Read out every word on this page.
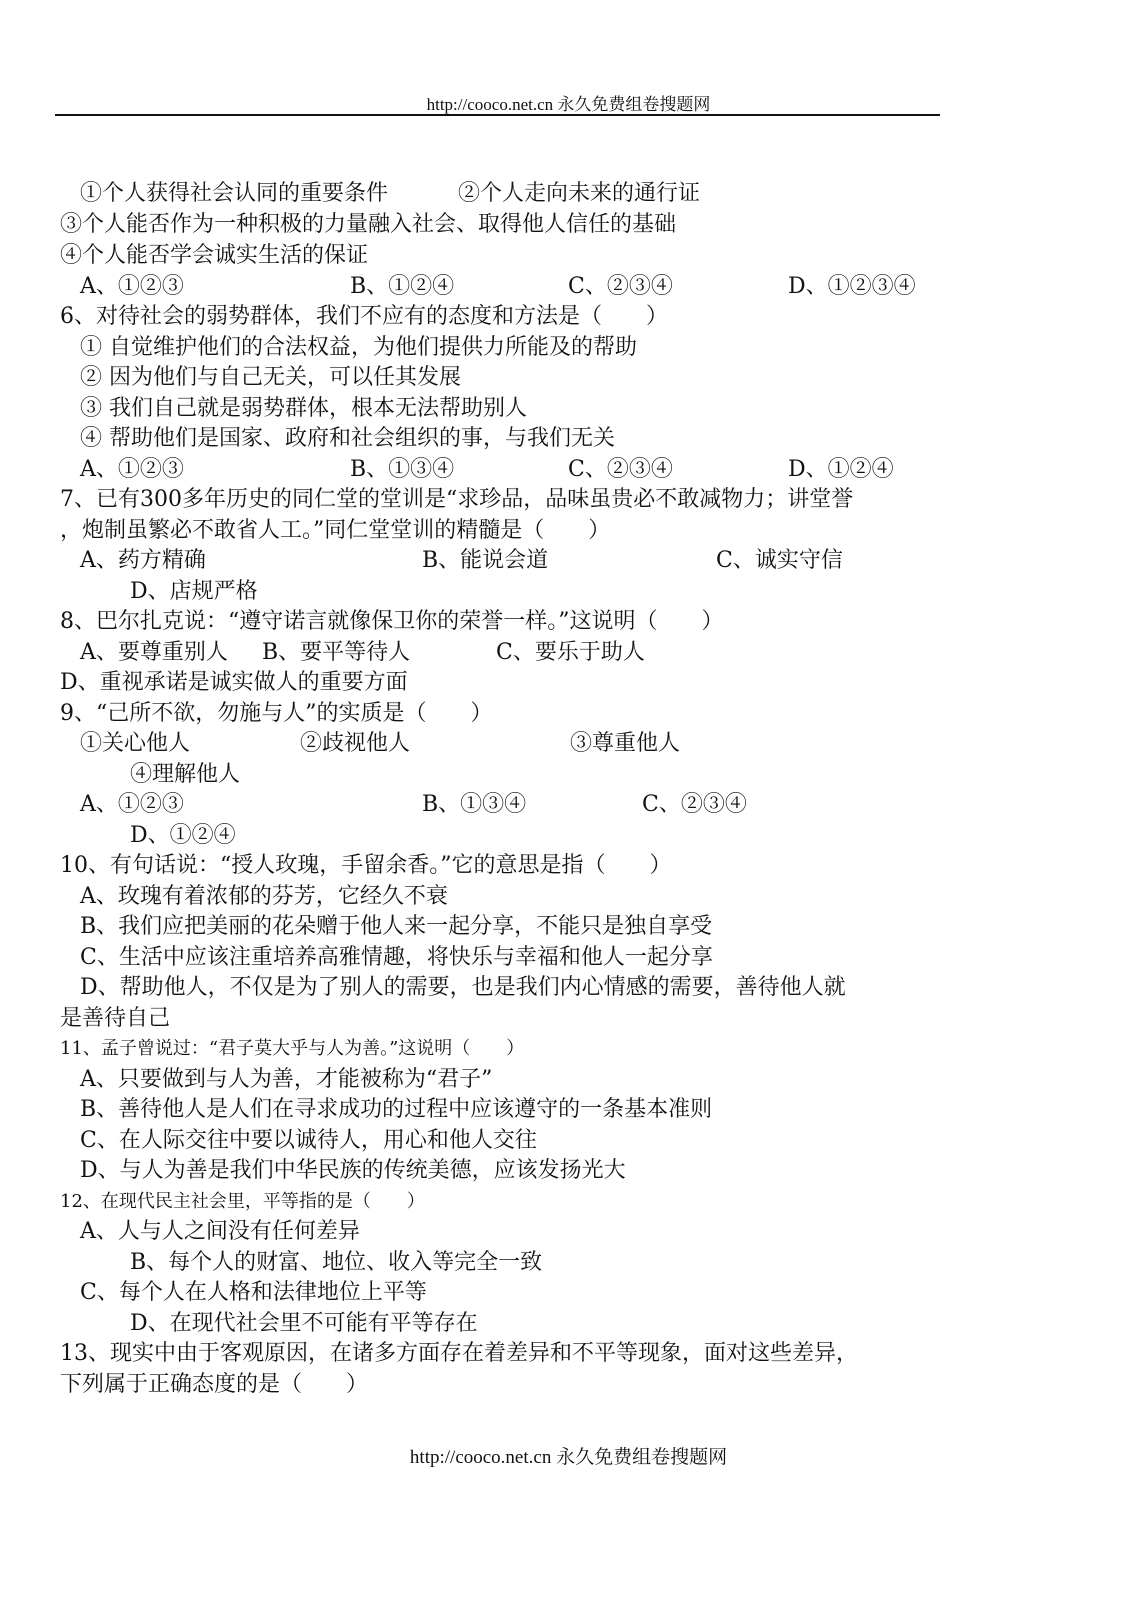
http://cooco.net.cn 永久免费组卷搜题网
①个人获得社会认同的重要条件	②个人走向未来的通行证
③个人能否作为一种积极的力量融入社会、取得他人信任的基础
④个人能否学会诚实生活的保证
A、①②③	B、①②④	C、②③④	D、①②③④
6、对待社会的弱势群体，我们不应有的态度和方法是（　　）
① 自觉维护他们的合法权益，为他们提供力所能及的帮助
② 因为他们与自己无关，可以任其发展
③ 我们自己就是弱势群体，根本无法帮助别人
④ 帮助他们是国家、政府和社会组织的事，与我们无关
A、①②③	B、①③④	C、②③④	D、①②④
7、已有300多年历史的同仁堂的堂训是“求珍品，品味虽贵必不敢减物力；讲堂誉
，炮制虽繁必不敢省人工。”同仁堂堂训的精髓是（　　）
A、药方精确	B、能说会道	C、诚实守信
D、店规严格
8、巴尔扎克说：“遵守诺言就像保卫你的荣誉一样。”这说明（　　）
A、要尊重别人 B、要平等待人	C、要乐于助人
D、重视承诺是诚实做人的重要方面
9、“己所不欲，勿施与人”的实质是（　　）
①关心他人	②歧视他人	③尊重他人
④理解他人
A、①②③	B、①③④	C、②③④
D、①②④
10、有句话说：“授人玫瑰，手留余香。”它的意思是指（　　）
A、玫瑰有着浓郁的芬芳，它经久不衰
B、我们应把美丽的花朵赠于他人来一起分享，不能只是独自享受
C、生活中应该注重培养高雅情趣，将快乐与幸福和他人一起分享
D、帮助他人，不仅是为了别人的需要，也是我们内心情感的需要，善待他人就
是善待自己
11、孟子曾说过：“君子莫大乎与人为善。”这说明（　　）
A、只要做到与人为善，才能被称为“君子”
B、善待他人是人们在寻求成功的过程中应该遵守的一条基本准则
C、在人际交往中要以诚待人，用心和他人交往
D、与人为善是我们中华民族的传统美德，应该发扬光大
12、在现代民主社会里，平等指的是（　　）
A、人与人之间没有任何差异
B、每个人的财富、地位、收入等完全一致
C、每个人在人格和法律地位上平等
D、在现代社会里不可能有平等存在
13、现实中由于客观原因，在诸多方面存在着差异和不平等现象，面对这些差异，
下列属于正确态度的是（　　）
http://cooco.net.cn 永久免费组卷搜题网
